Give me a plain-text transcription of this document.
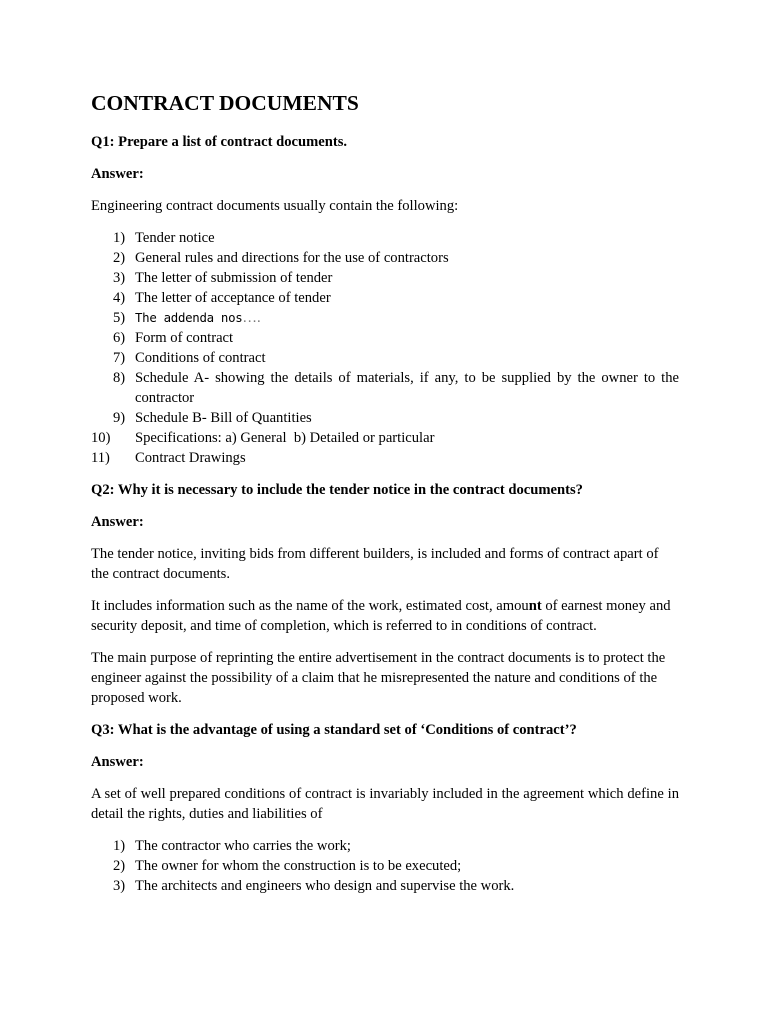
CONTRACT DOCUMENTS
Q1: Prepare a list of contract documents.
Answer:

Engineering contract documents usually contain the following:

1) Tender notice
2) General rules and directions for the use of contractors
3) The letter of submission of tender
4) The letter of acceptance of tender
5) The addenda nos….
6) Form of contract
7) Conditions of contract
8) Schedule A- showing the details of materials, if any, to be supplied by the owner to the contractor
9) Schedule B- Bill of Quantities
10)	Specifications: a) General  b) Detailed or particular
11)	Contract Drawings
Q2: Why it is necessary to include the tender notice in the contract documents?
Answer:

The tender notice, inviting bids from different builders, is included and forms of contract apart of the contract documents.

It includes information such as the name of the work, estimated cost, amount of earnest money and security deposit, and time of completion, which is referred to in conditions of contract.

The main purpose of reprinting the entire advertisement in the contract documents is to protect the engineer against the possibility of a claim that he misrepresented the nature and conditions of the proposed work.

Q3: What is the advantage of using a standard set of ‘Conditions of contract’?
Answer:

A set of well prepared conditions of contract is invariably included in the agreement which define in detail the rights, duties and liabilities of

1) The contractor who carries the work;
2) The owner for whom the construction is to be executed;
3) The architects and engineers who design and supervise the work.
